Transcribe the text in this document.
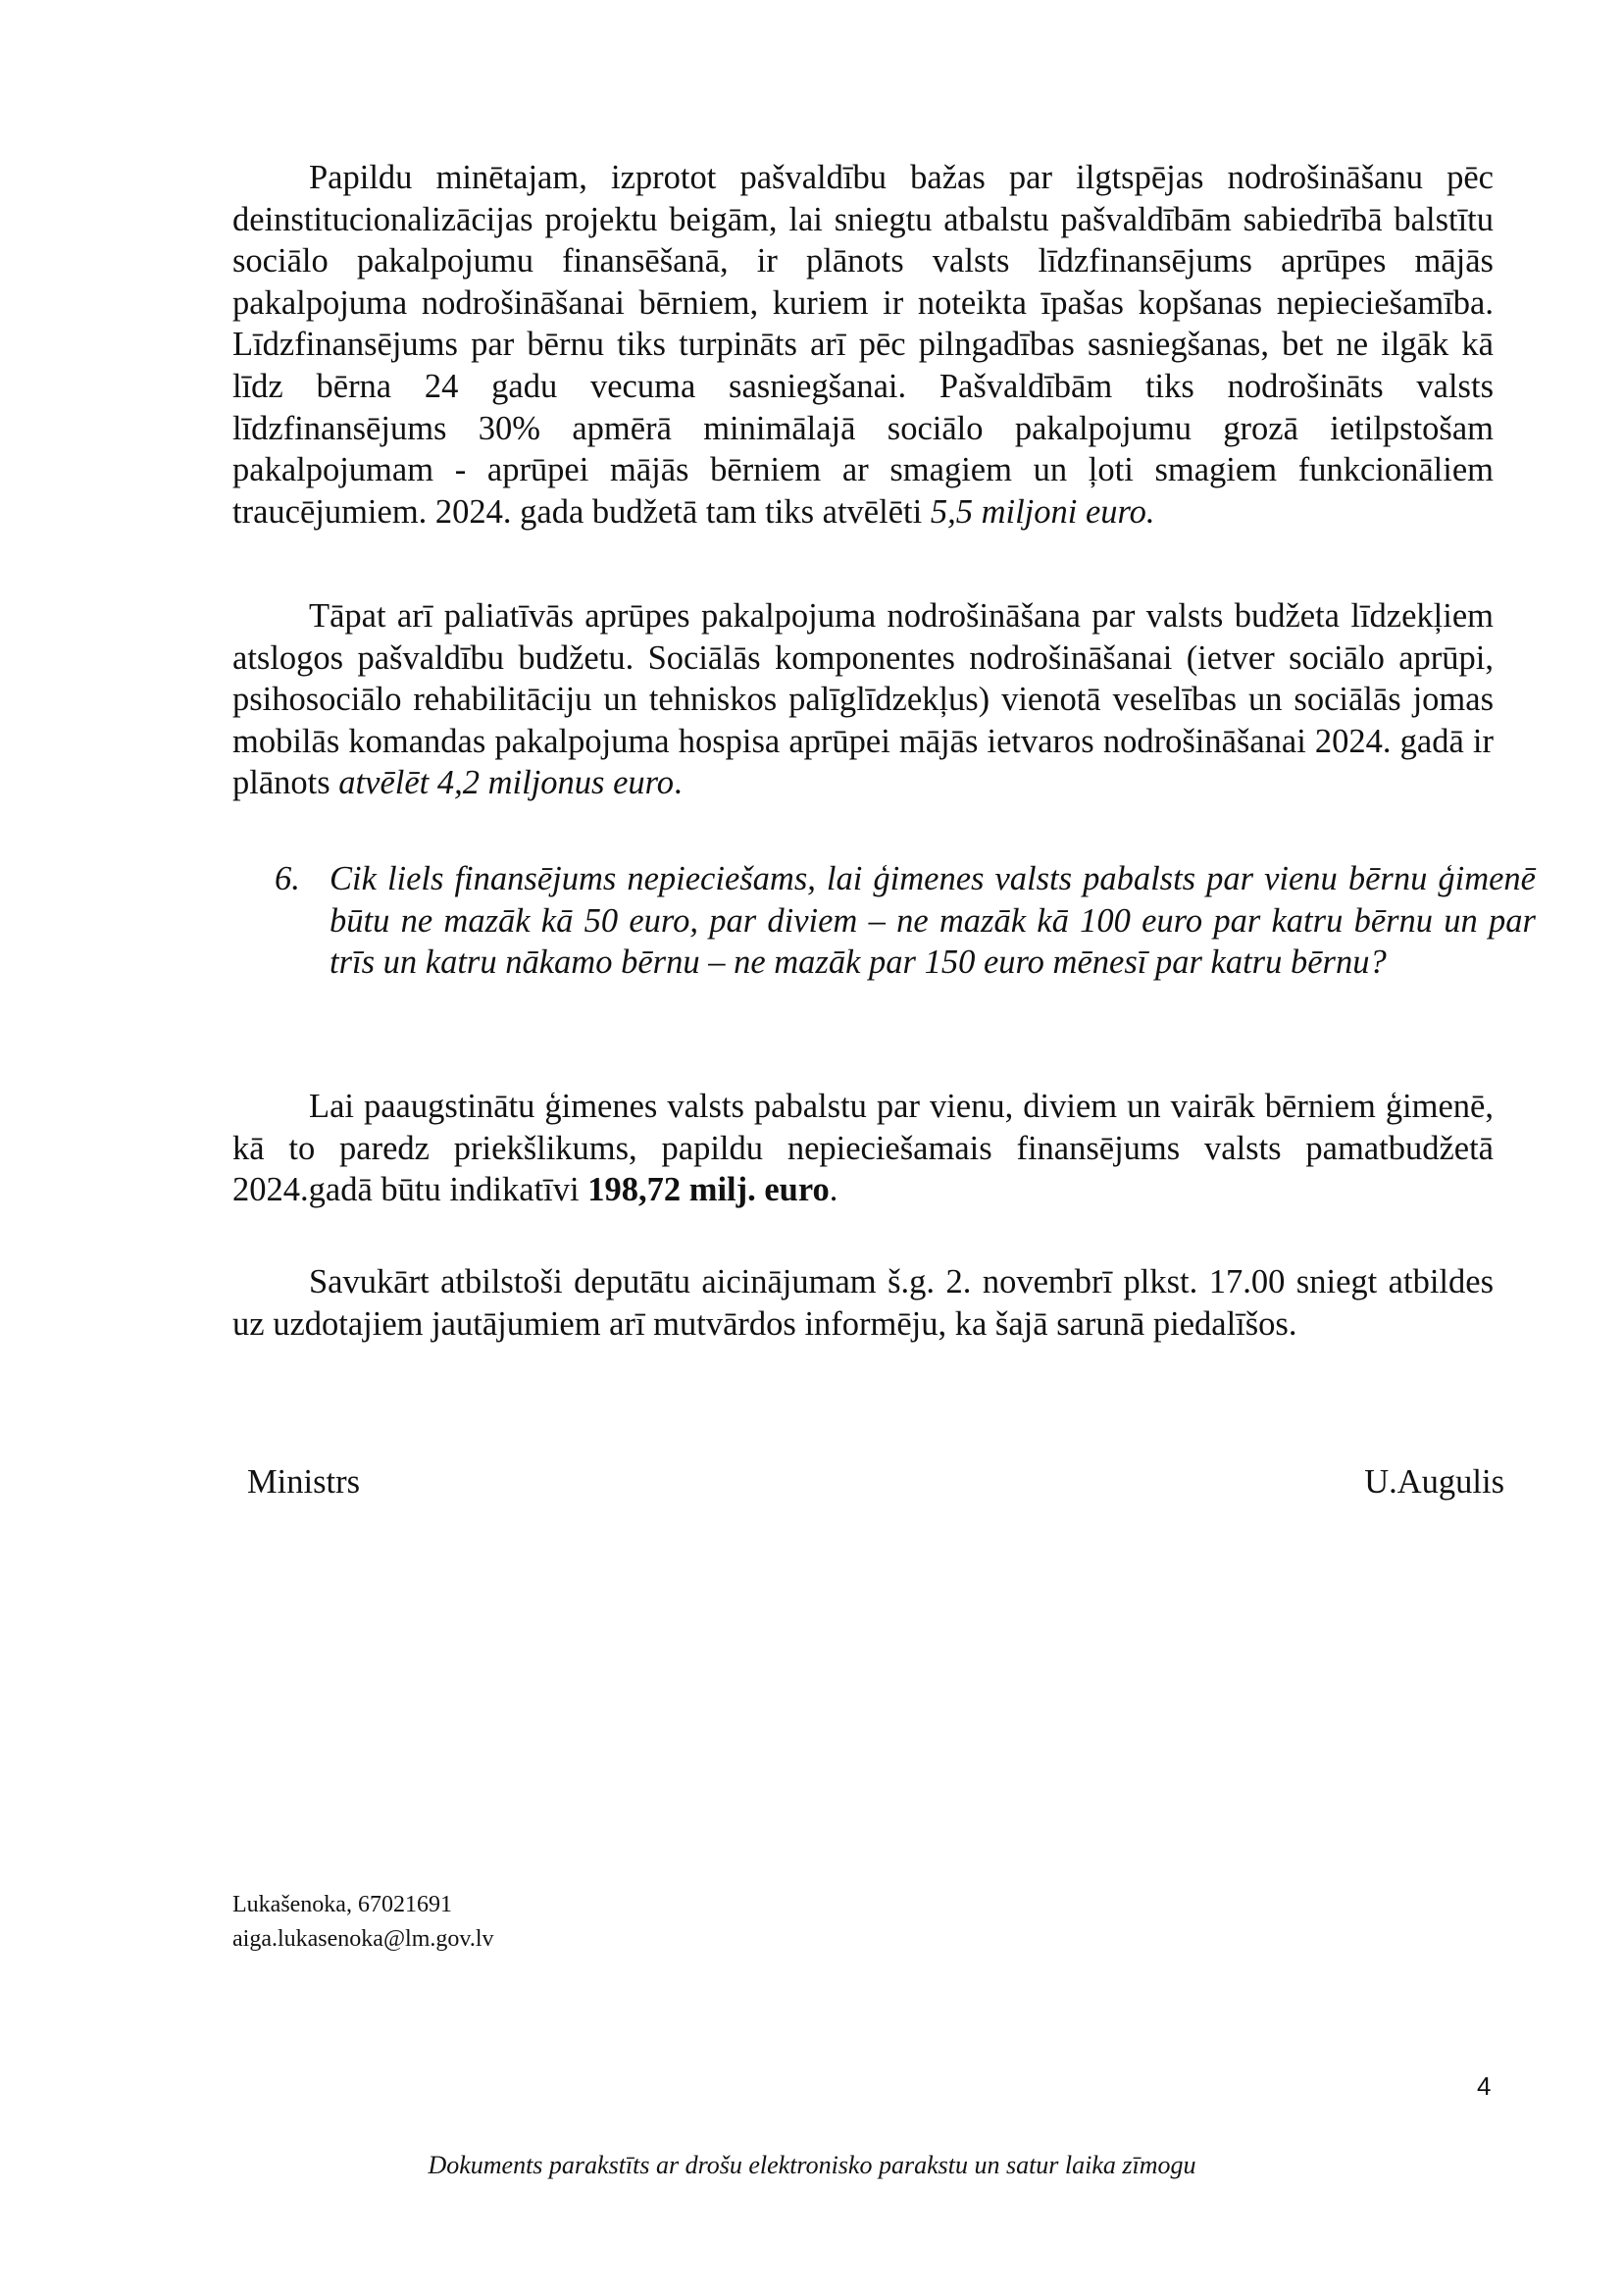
Papildu minētajam, izprotot pašvaldību bažas par ilgtspējas nodrošināšanu pēc deinstitucionalizācijas projektu beigām, lai sniegtu atbalstu pašvaldībām sabiedrībā balstītu sociālo pakalpojumu finansēšanā, ir plānots valsts līdzfinansējums aprūpes mājās pakalpojuma nodrošināšanai bērniem, kuriem ir noteikta īpašas kopšanas nepieciešamība. Līdzfinansējums par bērnu tiks turpināts arī pēc pilngadības sasniegšanas, bet ne ilgāk kā līdz bērna 24 gadu vecuma sasniegšanai. Pašvaldībām tiks nodrošināts valsts līdzfinansējums 30% apmērā minimālajā sociālo pakalpojumu grozā ietilpstošam pakalpojumam - aprūpei mājās bērniem ar smagiem un ļoti smagiem funkcionāliem traucējumiem. 2024. gada budžetā tam tiks atvēlēti 5,5 miljoni euro.

Tāpat arī paliatīvās aprūpes pakalpojuma nodrošināšana par valsts budžeta līdzekļiem atslogos pašvaldību budžetu. Sociālās komponentes nodrošināšanai (ietver sociālo aprūpi, psihosociālo rehabilitāciju un tehniskos palīglīdzekļus) vienotā veselības un sociālās jomas mobilās komandas pakalpojuma hospisa aprūpei mājās ietvaros nodrošināšanai 2024. gadā ir plānots atvēlēt 4,2 miljonus euro.

6. Cik liels finansējums nepieciešams, lai ģimenes valsts pabalsts par vienu bērnu ģimenē būtu ne mazāk kā 50 euro, par diviem – ne mazāk kā 100 euro par katru bērnu un par trīs un katru nākamo bērnu – ne mazāk par 150 euro mēnesī par katru bērnu?

Lai paaugstinātu ģimenes valsts pabalstu par vienu, diviem un vairāk bērniem ģimenē, kā to paredz priekšlikums, papildu nepieciešamais finansējums valsts pamatbudžetā 2024.gadā būtu indikatīvi 198,72 milj. euro.

Savukārt atbilstoši deputātu aicinājumam š.g. 2. novembrī plkst. 17.00 sniegt atbildes uz uzdotajiem jautājumiem arī mutvārdos informēju, ka šajā sarunā piedalīšos.

Ministrs	U.Augulis
Lukašenoka, 67021691
aiga.lukasenoka@lm.gov.lv
4
Dokuments parakstīts ar drošu elektronisko parakstu un satur laika zīmogu
